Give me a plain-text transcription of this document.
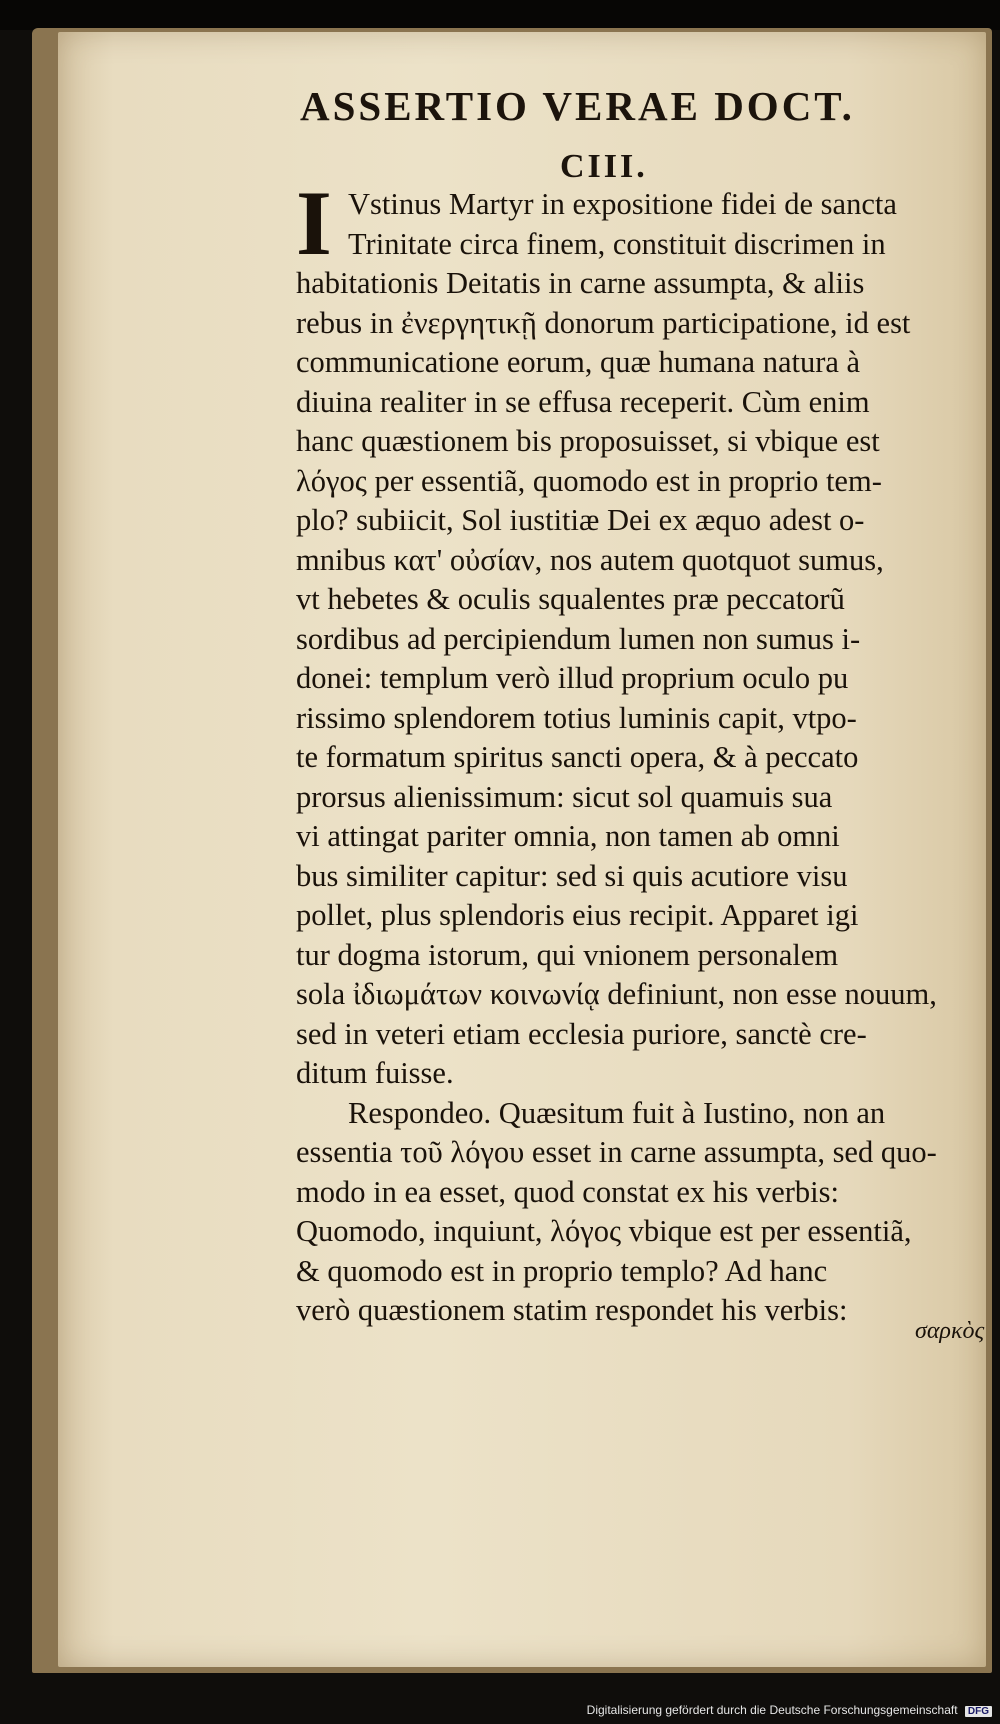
ASSERTIO VERAE DOCT.
CIII.
I Vstinus Martyr in expositione fidei de sancta
Trinitate circa finem, constituit discrimen in
habitationis Deitatis in carne assumpta, & aliis
rebus in ἐνεργητικῇ donorum participatione, id est
communicatione eorum, quæ humana natura à
diuina realiter in se effusa receperit. Cùm enim
hanc quæstionem bis proposuisset, si vbique est
λόγος per essentiã, quomodo est in proprio tem-
plo? subiicit, Sol iustitiæ Dei ex æquo adest o-
mnibus κατ' οὐσίαν, nos autem quotquot sumus,
vt hebetes & oculis squalentes præ peccatorũ
sordibus ad percipiendum lumen non sumus i-
donei: templum verò illud proprium oculo pu
rissimo splendorem totius luminis capit, vtpo-
te formatum spiritus sancti opera, & à peccato
prorsus alienissimum: sicut sol quamuis sua
vi attingat pariter omnia, non tamen ab omni
bus similiter capitur: sed si quis acutiore visu
pollet, plus splendoris eius recipit. Apparet igi
tur dogma istorum, qui vnionem personalem
sola ἰδιωμάτων κοινωνίᾳ definiunt, non esse nouum,
sed in veteri etiam ecclesia puriore, sanctè cre-
ditum fuisse.
Respondeo. Quæsitum fuit à Iustino, non an
essentia τοῦ λόγου esset in carne assumpta, sed quo-
modo in ea esset, quod constat ex his verbis:
Quomodo, inquiunt, λόγος vbique est per essentiã,
& quomodo est in proprio templo? Ad hanc
verò quæstionem statim respondet his verbis:
σαρκὸς
Digitalisierung gefördert durch die Deutsche Forschungsgemeinschaft DFG
